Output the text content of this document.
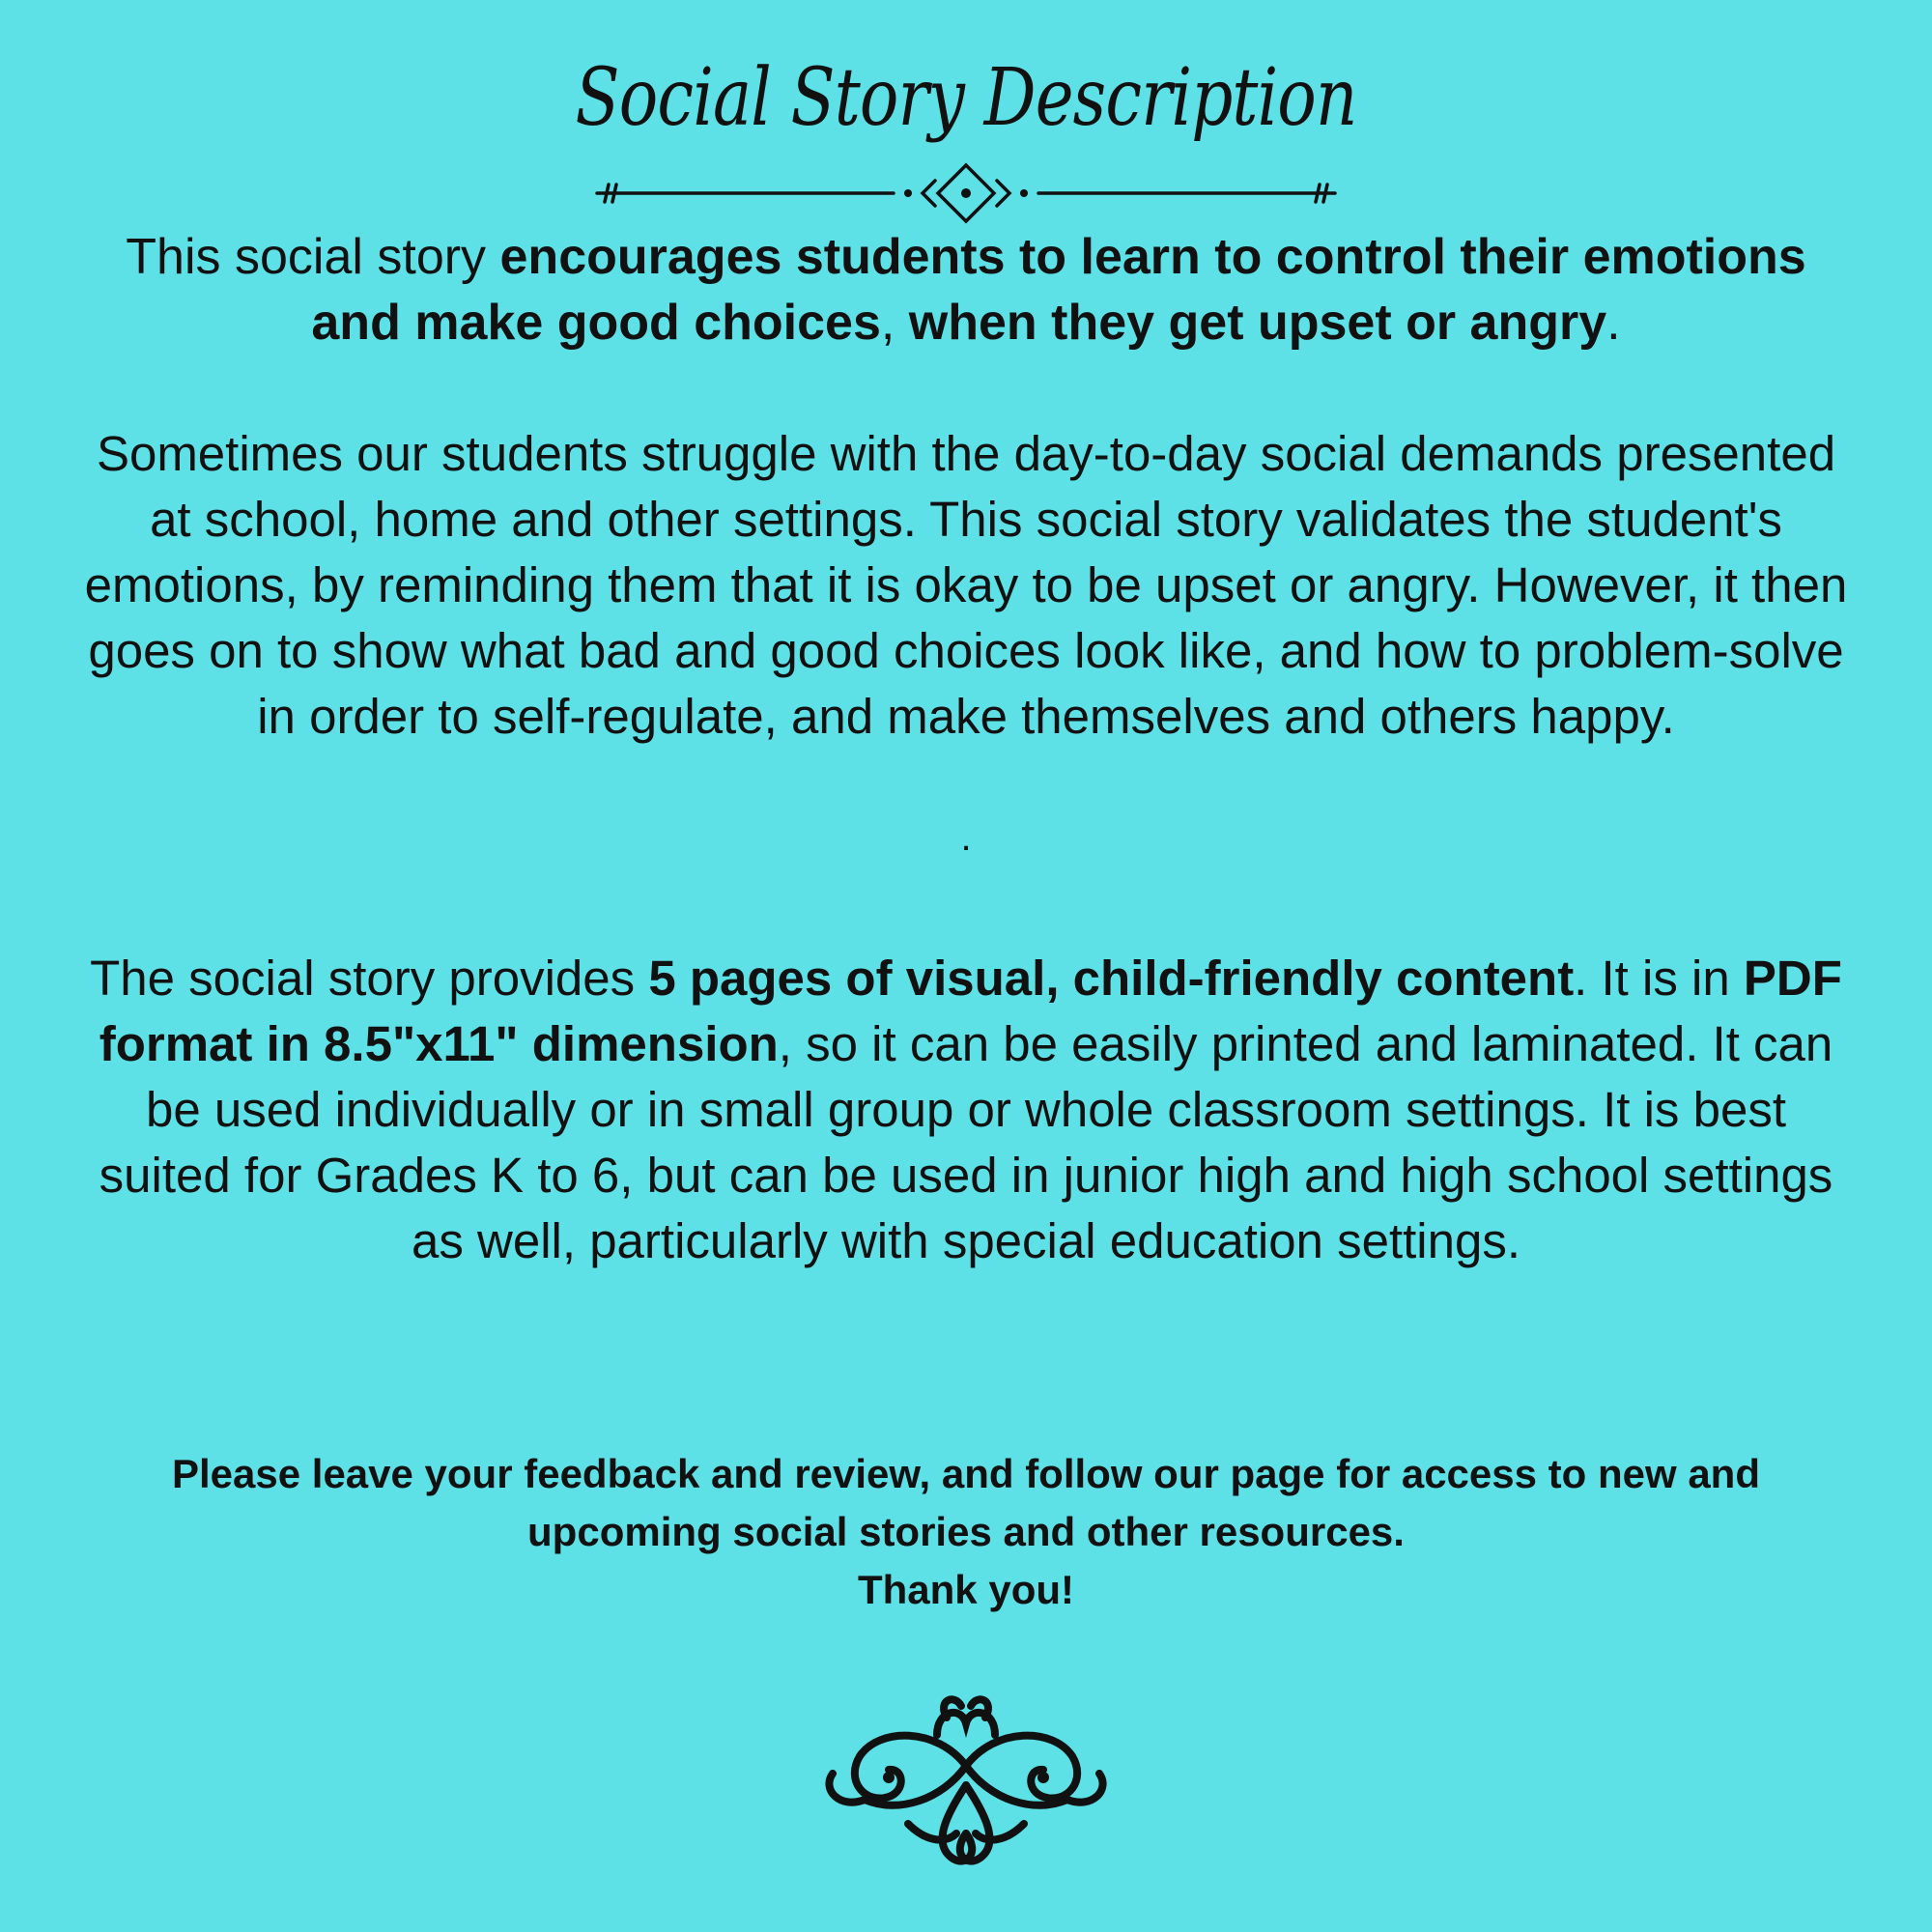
Social Story Description
This social story encourages students to learn to control their emotions and make good choices, when they get upset or angry.
Sometimes our students struggle with the day-to-day social demands presented at school, home and other settings. This social story validates the student's emotions, by reminding them that it is okay to be upset or angry. However, it then goes on to show what bad and good choices look like, and how to problem-solve in order to self-regulate, and make themselves and others happy.
.
The social story provides 5 pages of visual, child-friendly content. It is in PDF format in 8.5"x11" dimension, so it can be easily printed and laminated. It can be used individually or in small group or whole classroom settings. It is best suited for Grades K to 6, but can be used in junior high and high school settings as well, particularly with special education settings.
Please leave your feedback and review, and follow our page for access to new and upcoming social stories and other resources.
Thank you!
